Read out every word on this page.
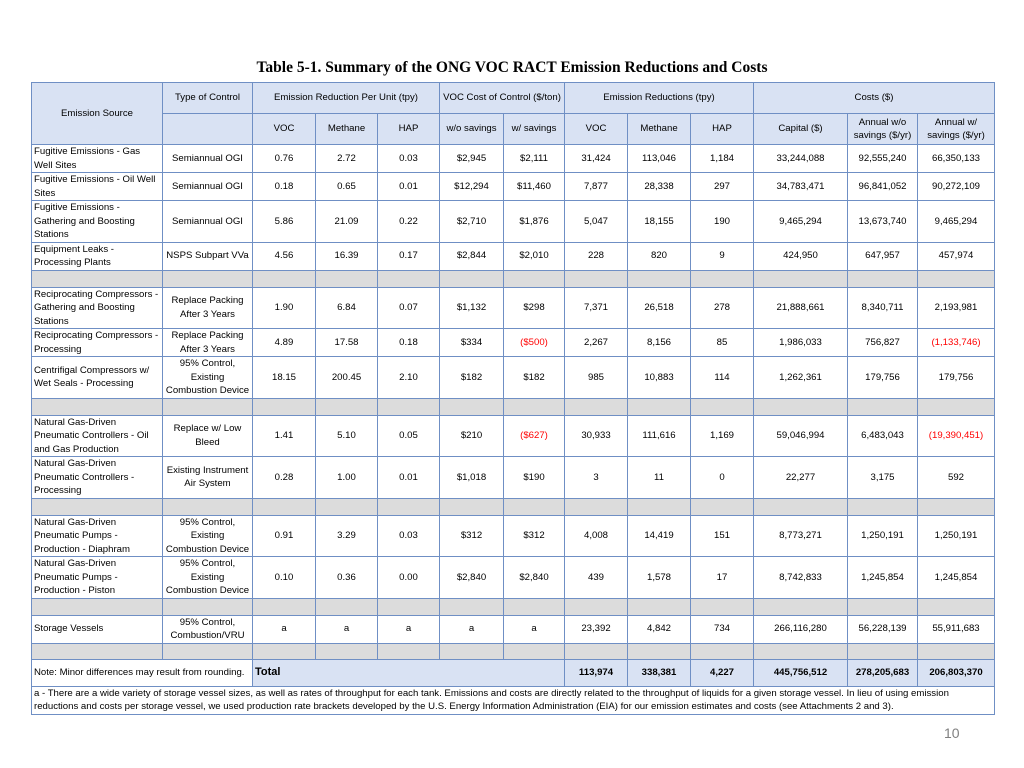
Table 5-1. Summary of the ONG VOC RACT Emission Reductions and Costs
Emission Source	Type of Control	Emission Reduction Per Unit (tpy)			VOC Cost of Control ($/ton)		Emission Reductions (tpy)			Costs ($)		
		VOC	Methane	HAP	w/o savings	w/ savings	VOC	Methane	HAP	Capital ($)	Annual w/o savings ($/yr)	Annual w/ savings ($/yr)
Fugitive Emissions - Gas Well Sites	Semiannual OGI	0.76	2.72	0.03	$2,945	$2,111	31,424	113,046	1,184	33,244,088	92,555,240	66,350,133
Fugitive Emissions - Oil Well Sites	Semiannual OGI	0.18	0.65	0.01	$12,294	$11,460	7,877	28,338	297	34,783,471	96,841,052	90,272,109
Fugitive Emissions - Gathering and Boosting Stations	Semiannual OGI	5.86	21.09	0.22	$2,710	$1,876	5,047	18,155	190	9,465,294	13,673,740	9,465,294
Equipment Leaks - Processing Plants	NSPS Subpart VVa	4.56	16.39	0.17	$2,844	$2,010	228	820	9	424,950	647,957	457,974

Reciprocating Compressors - Gathering and Boosting Stations	Replace Packing After 3 Years	1.90	6.84	0.07	$1,132	$298	7,371	26,518	278	21,888,661	8,340,711	2,193,981
Reciprocating Compressors - Processing	Replace Packing After 3 Years	4.89	17.58	0.18	$334	($500)	2,267	8,156	85	1,986,033	756,827	(1,133,746)
Centrifigal Compressors w/ Wet Seals - Processing	95% Control, Existing Combustion Device	18.15	200.45	2.10	$182	$182	985	10,883	114	1,262,361	179,756	179,756

Natural Gas-Driven Pneumatic Controllers - Oil and Gas Production	Replace w/ Low Bleed	1.41	5.10	0.05	$210	($627)	30,933	111,616	1,169	59,046,994	6,483,043	(19,390,451)
Natural Gas-Driven Pneumatic Controllers - Processing	Existing Instrument Air System	0.28	1.00	0.01	$1,018	$190	3	11	0	22,277	3,175	592

Natural Gas-Driven Pneumatic Pumps - Production - Diaphram	95% Control, Existing Combustion Device	0.91	3.29	0.03	$312	$312	4,008	14,419	151	8,773,271	1,250,191	1,250,191
Natural Gas-Driven Pneumatic Pumps - Production - Piston	95% Control, Existing Combustion Device	0.10	0.36	0.00	$2,840	$2,840	439	1,578	17	8,742,833	1,245,854	1,245,854

Storage Vessels	95% Control, Combustion/VRU	a	a	a	a	a	23,392	4,842	734	266,116,280	56,228,139	55,911,683

Note: Minor differences may result from rounding.		Total					113,974	338,381	4,227	445,756,512	278,205,683	206,803,370
a - There are a wide variety of storage vessel sizes, as well as rates of throughput for each tank. Emissions and costs are directly related to the throughput of liquids for a given storage vessel. In lieu of using emission reductions and costs per storage vessel, we used production rate brackets developed by the U.S. Energy Information Administration (EIA) for our emission estimates and costs (see Attachments 2 and 3).												
10
